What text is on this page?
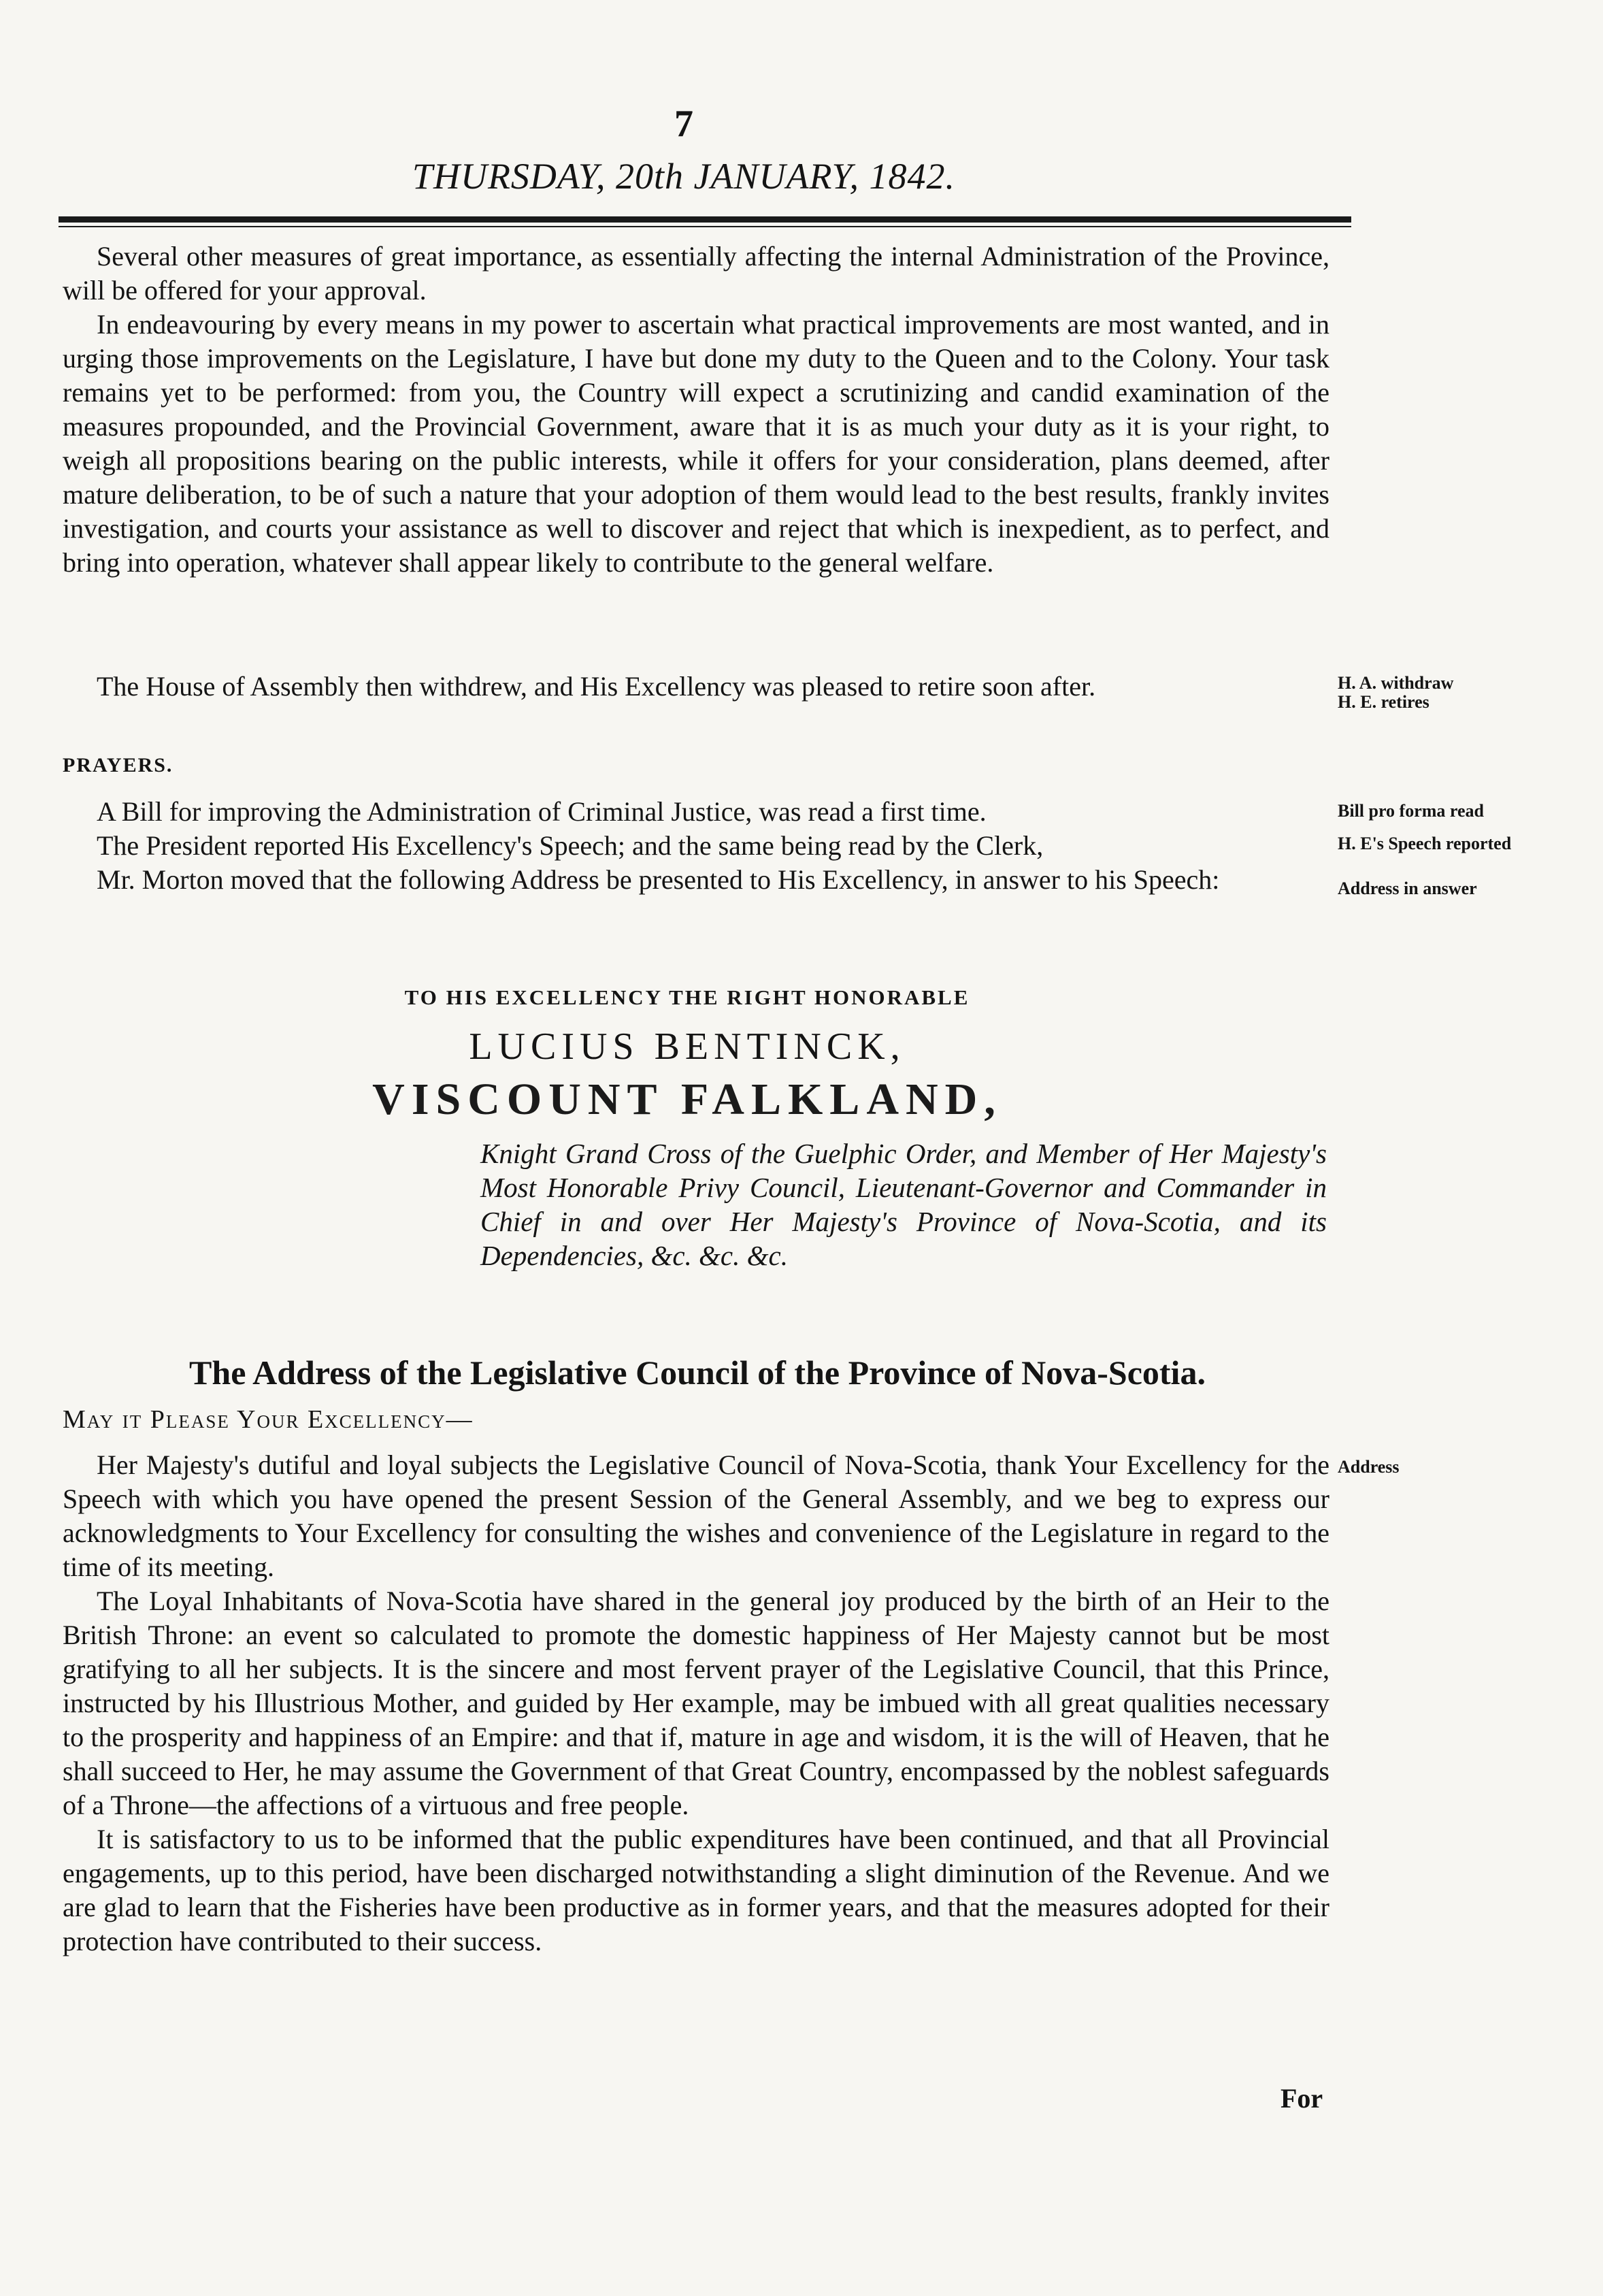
7
THURSDAY, 20th JANUARY, 1842.

Several other measures of great importance, as essentially affecting the internal Administration of the Province, will be offered for your approval.

In endeavouring by every means in my power to ascertain what practical improvements are most wanted, and in urging those improvements on the Legislature, I have but done my duty to the Queen and to the Colony. Your task remains yet to be performed: from you, the Country will expect a scrutinizing and candid examination of the measures propounded, and the Provincial Government, aware that it is as much your duty as it is your right, to weigh all propositions bearing on the public interests, while it offers for your consideration, plans deemed, after mature deliberation, to be of such a nature that your adoption of them would lead to the best results, frankly invites investigation, and courts your assistance as well to discover and reject that which is inexpedient, as to perfect, and bring into operation, whatever shall appear likely to contribute to the general welfare.

The House of Assembly then withdrew, and His Excellency was pleased to retire soon after.	H. A. withdraw
H. E. retires
PRAYERS.

A Bill for improving the Administration of Criminal Justice, was read a first time.

The President reported His Excellency's Speech; and the same being read by the Clerk,

Mr. Morton moved that the following Address be presented to His Excellency, in answer to his Speech:

Bill pro forma read
H. E's Speech reported
Address in answer
TO HIS EXCELLENCY THE RIGHT HONORABLE
LUCIUS BENTINCK,
VISCOUNT FALKLAND,
Knight Grand Cross of the Guelphic Order, and Member of Her Majesty's Most Honorable Privy Council, Lieutenant-Governor and Commander in Chief in and over Her Majesty's Province of Nova-Scotia, and its Dependencies, &c. &c. &c.
The Address of the Legislative Council of the Province of Nova-Scotia.
May it Please Your Excellency—

Her Majesty's dutiful and loyal subjects the Legislative Council of Nova-Scotia, thank Your Excellency for the Speech with which you have opened the present Session of the General Assembly, and we beg to express our acknowledgments to Your Excellency for consulting the wishes and convenience of the Legislature in regard to the time of its meeting.

The Loyal Inhabitants of Nova-Scotia have shared in the general joy produced by the birth of an Heir to the British Throne: an event so calculated to promote the domestic happiness of Her Majesty cannot but be most gratifying to all her subjects. It is the sincere and most fervent prayer of the Legislative Council, that this Prince, instructed by his Illustrious Mother, and guided by Her example, may be imbued with all great qualities necessary to the prosperity and happiness of an Empire: and that if, mature in age and wisdom, it is the will of Heaven, that he shall succeed to Her, he may assume the Government of that Great Country, encompassed by the noblest safeguards of a Throne—the affections of a virtuous and free people.

It is satisfactory to us to be informed that the public expenditures have been continued, and that all Provincial engagements, up to this period, have been discharged notwithstanding a slight diminution of the Revenue. And we are glad to learn that the Fisheries have been productive as in former years, and that the measures adopted for their protection have contributed to their success.

Address
For
